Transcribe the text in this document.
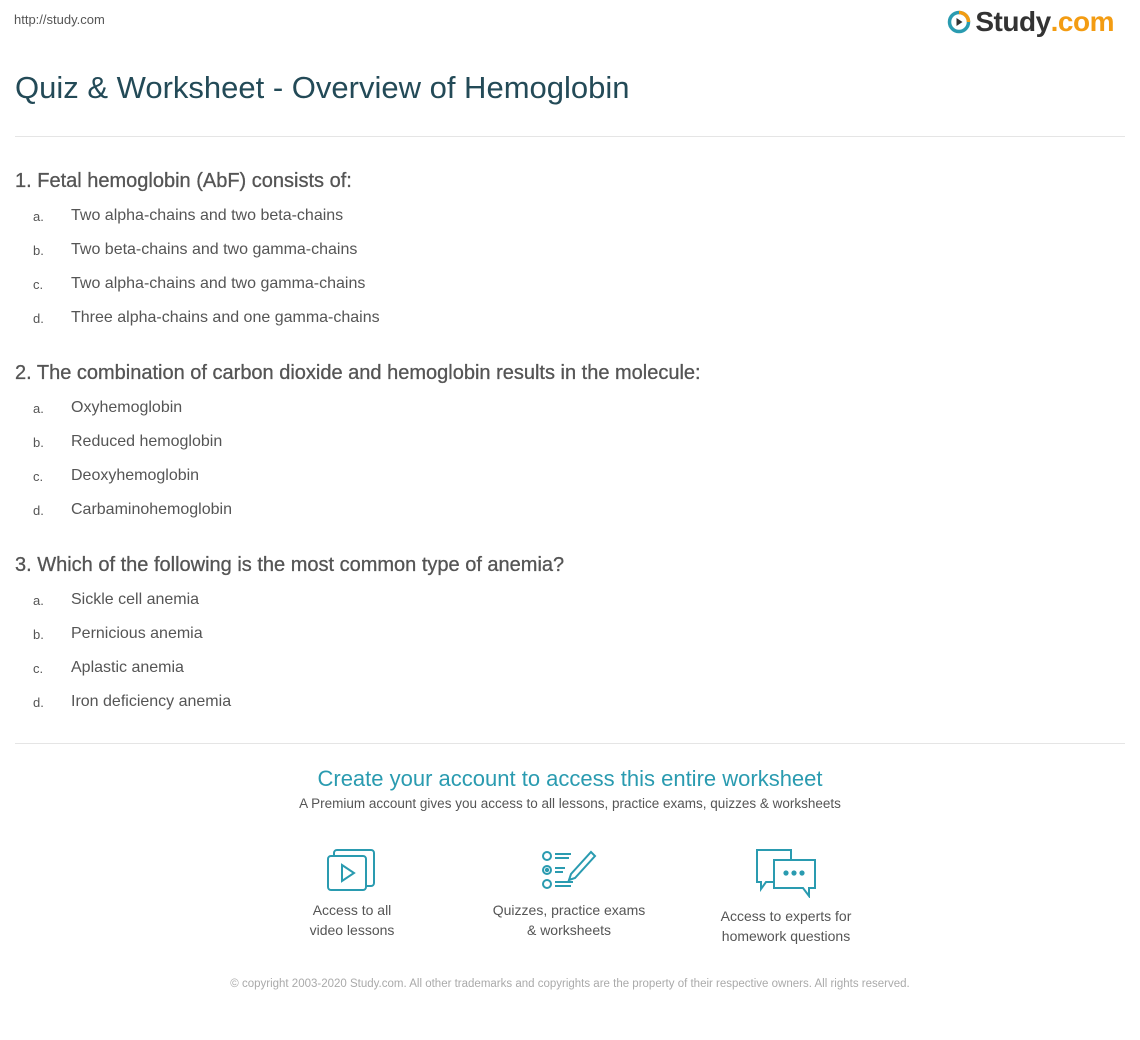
http://study.com	Study .com
Quiz & Worksheet - Overview of Hemoglobin
1. Fetal hemoglobin (AbF) consists of:
a.	Two alpha-chains and two beta-chains
b.	Two beta-chains and two gamma-chains
c.	Two alpha-chains and two gamma-chains
d.	Three alpha-chains and one gamma-chains
2. The combination of carbon dioxide and hemoglobin results in the molecule:
a.	Oxyhemoglobin
b.	Reduced hemoglobin
c.	Deoxyhemoglobin
d.	Carbaminohemoglobin
3. Which of the following is the most common type of anemia?
a.	Sickle cell anemia
b.	Pernicious anemia
c.	Aplastic anemia
d.	Iron deficiency anemia
Create your account to access this entire worksheet
A Premium account gives you access to all lessons, practice exams, quizzes & worksheets
Access to all
video lessons
Quizzes, practice exams
& worksheets
Access to experts for
homework questions
© copyright 2003-2020 Study.com. All other trademarks and copyrights are the property of their respective owners. All rights reserved.
